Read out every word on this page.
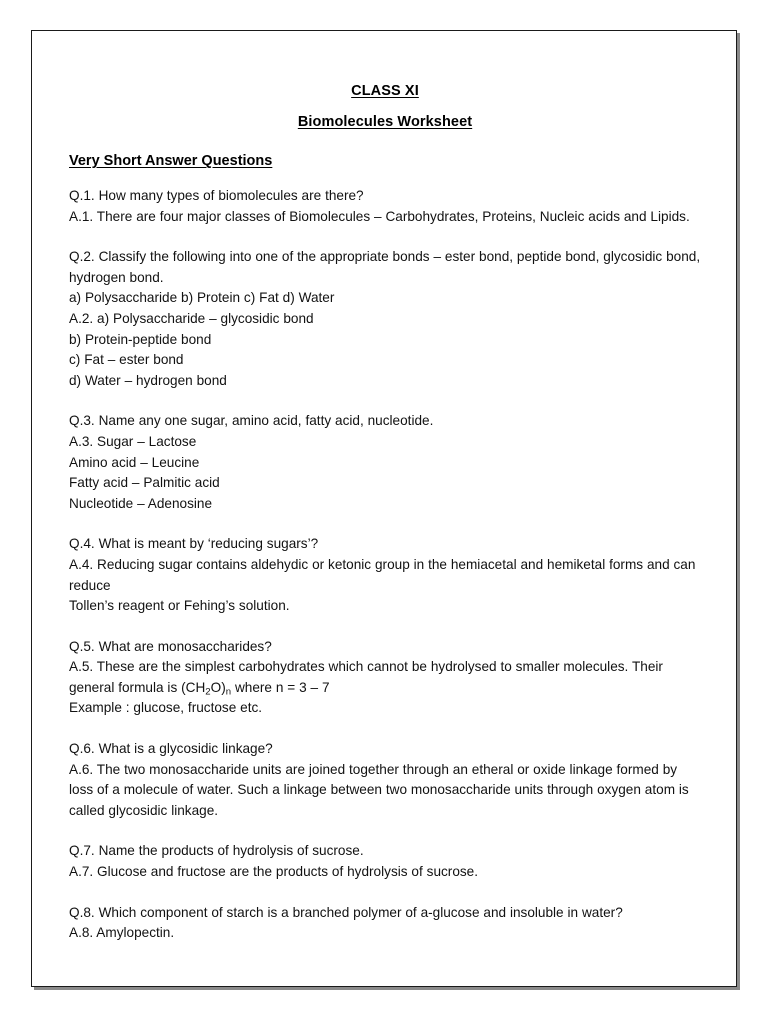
CLASS XI
Biomolecules Worksheet
Very Short Answer Questions

Q.1. How many types of biomolecules are there?

A.1. There are four major classes of Biomolecules – Carbohydrates, Proteins, Nucleic acids and Lipids.

Q.2. Classify the following into one of the appropriate bonds – ester bond, peptide bond, glycosidic bond, hydrogen bond.

a) Polysaccharide b) Protein c) Fat d) Water

A.2. a) Polysaccharide – glycosidic bond

b) Protein-peptide bond

c) Fat – ester bond

d) Water – hydrogen bond

Q.3. Name any one sugar, amino acid, fatty acid, nucleotide.

A.3. Sugar – Lactose

Amino acid – Leucine

Fatty acid – Palmitic acid

Nucleotide – Adenosine

Q.4. What is meant by ‘reducing sugars’?

A.4. Reducing sugar contains aldehydic or ketonic group in the hemiacetal and hemiketal forms and can reduce

Tollen’s reagent or Fehing’s solution.

Q.5. What are monosaccharides?

A.5. These are the simplest carbohydrates which cannot be hydrolysed to smaller molecules. Their general formula is $(CH_2O)_n$ where n = 3 – 7

Example : glucose, fructose etc.

Q.6. What is a glycosidic linkage?

A.6. The two monosaccharide units are joined together through an etheral or oxide linkage formed by loss of a molecule of water. Such a linkage between two monosaccharide units through oxygen atom is called glycosidic linkage.

Q.7. Name the products of hydrolysis of sucrose.

A.7. Glucose and fructose are the products of hydrolysis of sucrose.

Q.8. Which component of starch is a branched polymer of a-glucose and insoluble in water?

A.8. Amylopectin.
